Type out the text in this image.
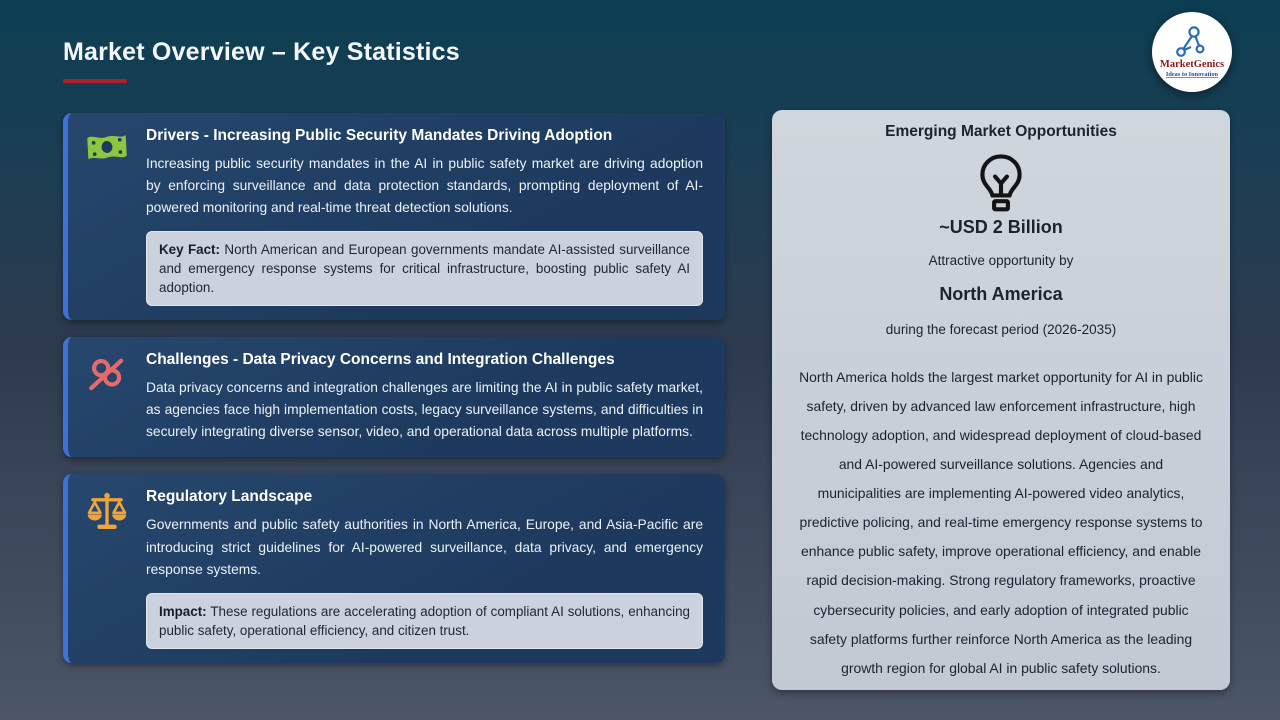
Market Overview – Key Statistics	MarketGenics
Ideas to Innovation
Drivers - Increasing Public Security Mandates Driving Adoption
Increasing public security mandates in the AI in public safety market are driving adoption by enforcing surveillance and data protection standards, prompting deployment of AI-powered monitoring and real-time threat detection solutions.
Key Fact: North American and European governments mandate AI-assisted surveillance and emergency response systems for critical infrastructure, boosting public safety AI adoption.
Challenges - Data Privacy Concerns and Integration Challenges
Data privacy concerns and integration challenges are limiting the AI in public safety market, as agencies face high implementation costs, legacy surveillance systems, and difficulties in securely integrating diverse sensor, video, and operational data across multiple platforms.
Regulatory Landscape
Governments and public safety authorities in North America, Europe, and Asia-Pacific are introducing strict guidelines for AI-powered surveillance, data privacy, and emergency response systems.
Impact: These regulations are accelerating adoption of compliant AI solutions, enhancing public safety, operational efficiency, and citizen trust.
Emerging Market Opportunities
~USD 2 Billion
Attractive opportunity by
North America
during the forecast period (2026-2035)
North America holds the largest market opportunity for AI in public safety, driven by advanced law enforcement infrastructure, high technology adoption, and widespread deployment of cloud-based and AI-powered surveillance solutions. Agencies and municipalities are implementing AI-powered video analytics, predictive policing, and real-time emergency response systems to enhance public safety, improve operational efficiency, and enable rapid decision-making. Strong regulatory frameworks, proactive cybersecurity policies, and early adoption of integrated public safety platforms further reinforce North America as the leading growth region for global AI in public safety solutions.
